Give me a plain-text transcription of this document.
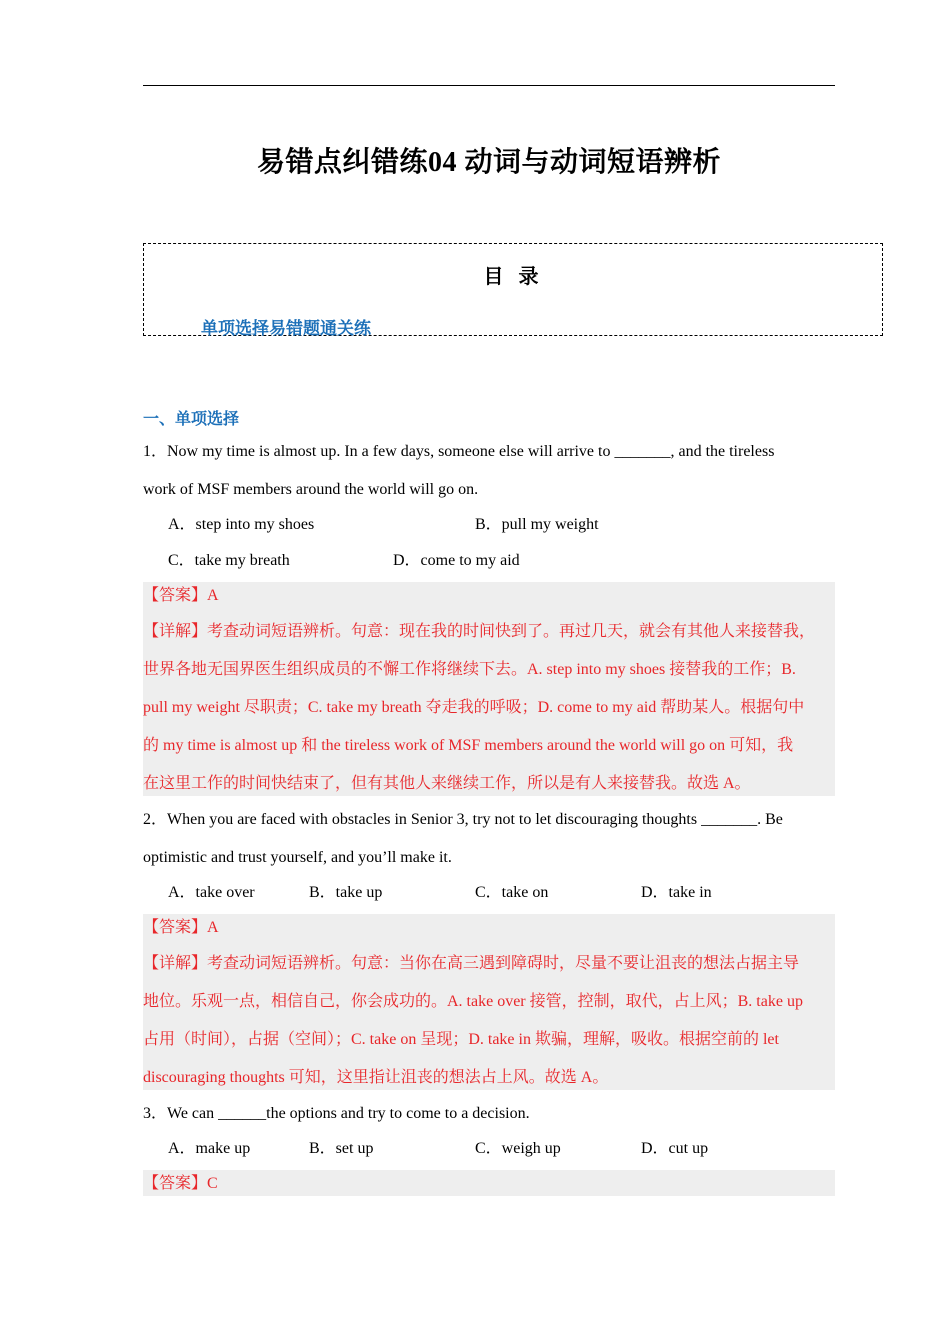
易错点纠错练04 动词与动词短语辨析
目 录
单项选择易错题通关练
一、单项选择
1．Now my time is almost up. In a few days, someone else will arrive to _______, and the tireless
work of MSF members around the world will go on.
A．step into my shoes	B．pull my weight
C．take my breath	D．come to my aid
【答案】A
【详解】考查动词短语辨析。句意：现在我的时间快到了。再过几天，就会有其他人来接替我，
世界各地无国界医生组织成员的不懈工作将继续下去。A. step into my shoes 接替我的工作；B.
pull my weight 尽职责；C. take my breath 夺走我的呼吸；D. come to my aid 帮助某人。根据句中
的 my time is almost up 和 the tireless work of MSF members around the world will go on 可知，我
在这里工作的时间快结束了，但有其他人来继续工作，所以是有人来接替我。故选 A。
2．When you are faced with obstacles in Senior 3, try not to let discouraging thoughts _______. Be
optimistic and trust yourself, and you’ll make it.
A．take over	B．take up	C．take on	D．take in
【答案】A
【详解】考查动词短语辨析。句意：当你在高三遇到障碍时，尽量不要让沮丧的想法占据主导
地位。乐观一点，相信自己，你会成功的。A. take over 接管，控制，取代，占上风；B. take up
占用（时间），占据（空间）；C. take on 呈现；D. take in 欺骗，理解，吸收。根据空前的 let
discouraging thoughts 可知，这里指让沮丧的想法占上风。故选 A。
3．We can ______the options and try to come to a decision.
A．make up	B．set up	C．weigh up	D．cut up
【答案】C
